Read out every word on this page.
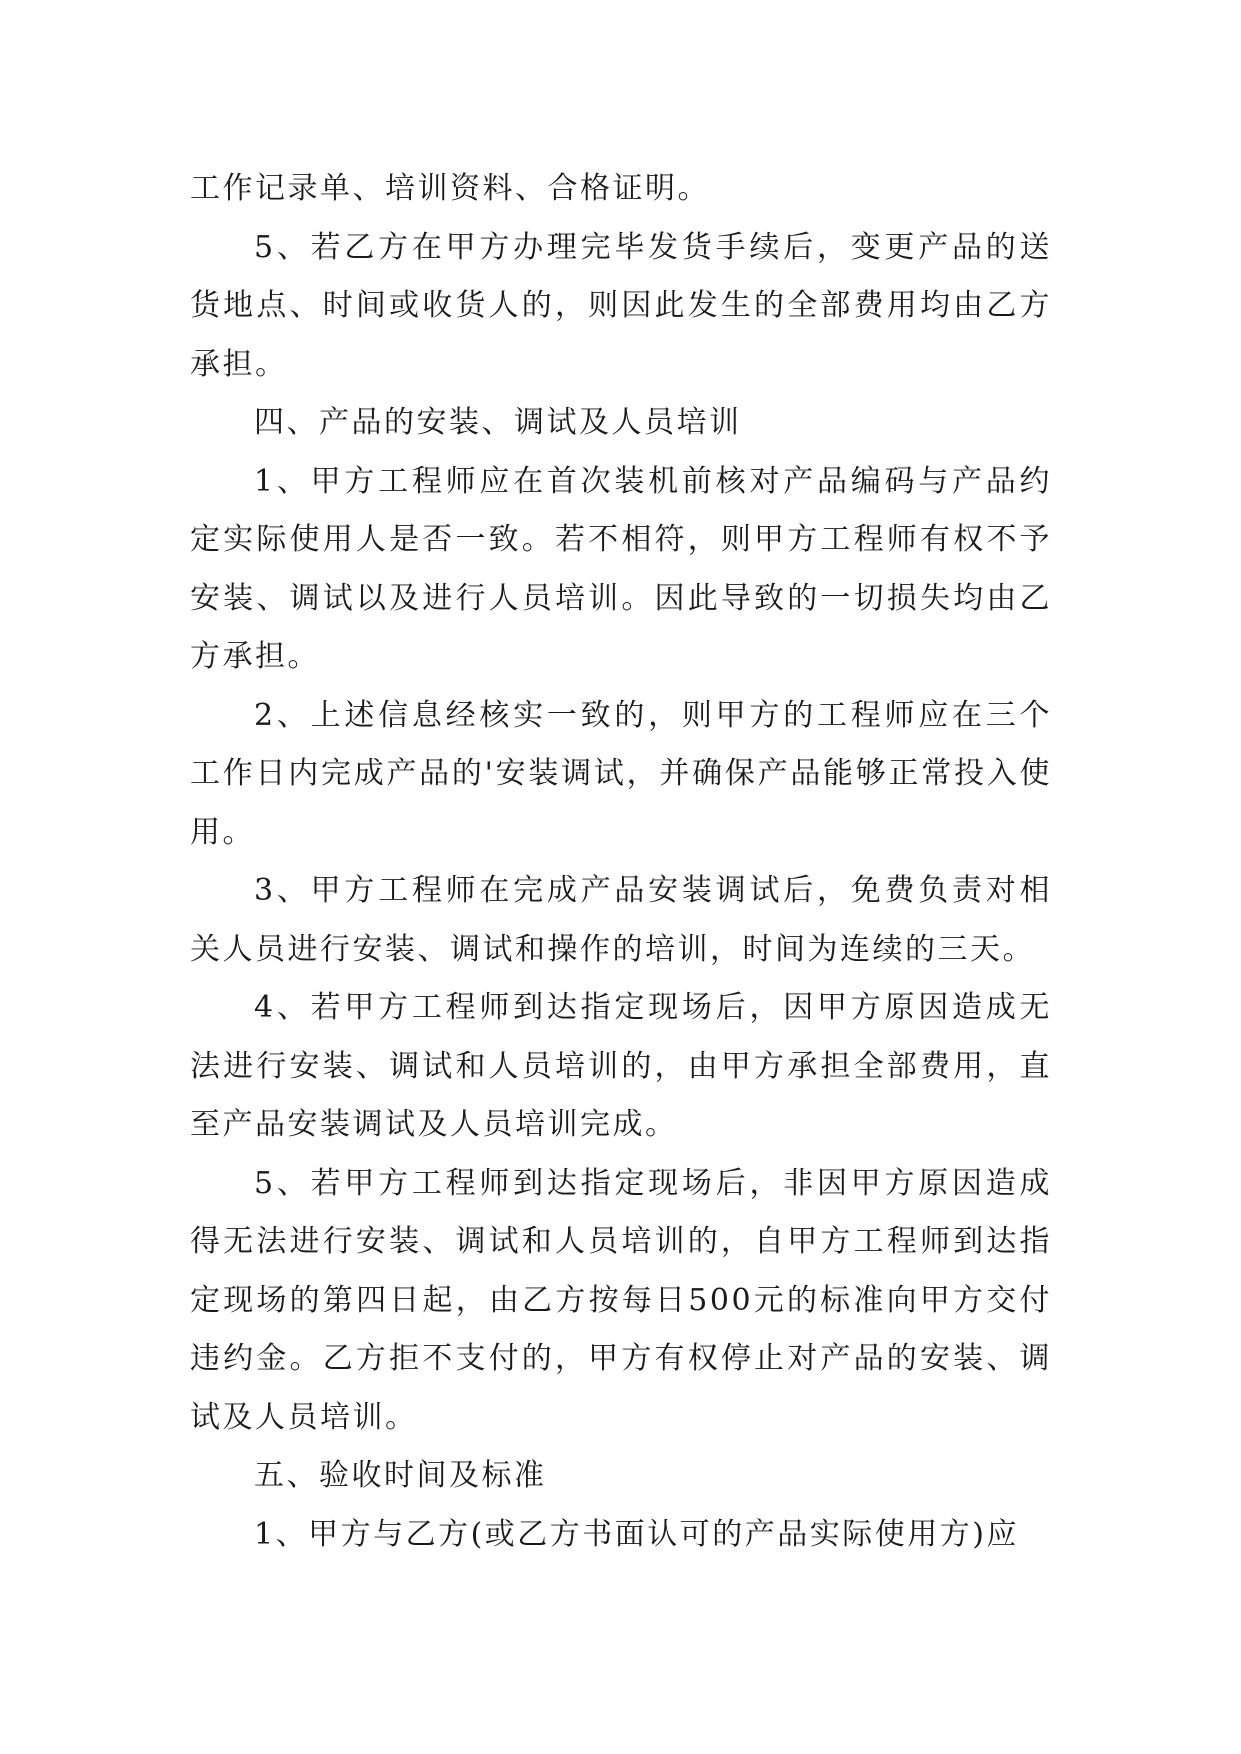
工作记录单、培训资料、合格证明。

5、若乙方在甲方办理完毕发货手续后，变更产品的送货地点、时间或收货人的，则因此发生的全部费用均由乙方承担。

四、产品的安装、调试及人员培训

1、甲方工程师应在首次装机前核对产品编码与产品约定实际使用人是否一致。若不相符，则甲方工程师有权不予安装、调试以及进行人员培训。因此导致的一切损失均由乙方承担。

2、上述信息经核实一致的，则甲方的工程师应在三个工作日内完成产品的'安装调试，并确保产品能够正常投入使用。

3、甲方工程师在完成产品安装调试后，免费负责对相关人员进行安装、调试和操作的培训，时间为连续的三天。

4、若甲方工程师到达指定现场后，因甲方原因造成无法进行安装、调试和人员培训的，由甲方承担全部费用，直至产品安装调试及人员培训完成。

5、若甲方工程师到达指定现场后，非因甲方原因造成得无法进行安装、调试和人员培训的，自甲方工程师到达指定现场的第四日起，由乙方按每日500元的标准向甲方交付违约金。乙方拒不支付的，甲方有权停止对产品的安装、调试及人员培训。

五、验收时间及标准

1、甲方与乙方(或乙方书面认可的产品实际使用方)应
